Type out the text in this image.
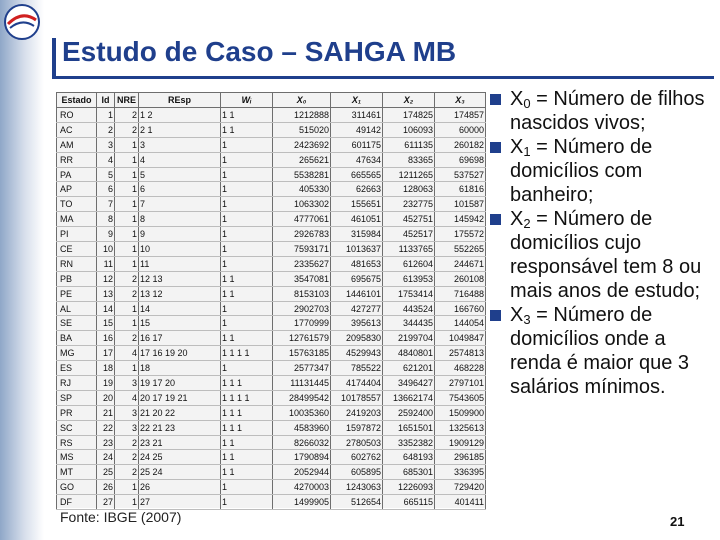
Estudo de Caso – SAHGA MB
Estado	Id	NRE	REsp	Wᵢ	X₀	X₁	X₂	X₃
RO	1	2	1 2	1 1	1212888	311461	174825	174857
AC	2	2	2 1	1 1	515020	49142	106093	60000
AM	3	1	3	1	2423692	601175	611135	260182
RR	4	1	4	1	265621	47634	83365	69698
PA	5	1	5	1	5538281	665565	1211265	537527
AP	6	1	6	1	405330	62663	128063	61816
TO	7	1	7	1	1063302	155651	232775	101587
MA	8	1	8	1	4777061	461051	452751	145942
PI	9	1	9	1	2926783	315984	452517	175572
CE	10	1	10	1	7593171	1013637	1133765	552265
RN	11	1	11	1	2335627	481653	612604	244671
PB	12	2	12 13	1 1	3547081	695675	613953	260108
PE	13	2	13 12	1 1	8153103	1446101	1753414	716488
AL	14	1	14	1	2902703	427277	443524	166760
SE	15	1	15	1	1770999	395613	344435	144054
BA	16	2	16 17	1 1	12761579	2095830	2199704	1049847
MG	17	4	17 16 19 20	1 1 1 1	15763185	4529943	4840801	2574813
ES	18	1	18	1	2577347	785522	621201	468228
RJ	19	3	19 17 20	1 1 1	11131445	4174404	3496427	2797101
SP	20	4	20 17 19 21	1 1 1 1	28499542	10178557	13662174	7543605
PR	21	3	21 20 22	1 1 1	10035360	2419203	2592400	1509900
SC	22	3	22 21 23	1 1 1	4583960	1597872	1651501	1325613
RS	23	2	23 21	1 1	8266032	2780503	3352382	1909129
MS	24	2	24 25	1 1	1790894	602762	648193	296185
MT	25	2	25 24	1 1	2052944	605895	685301	336395
GO	26	1	26	1	4270003	1243063	1226093	729420
DF	27	1	27	1	1499905	512654	665115	401411
Fonte: IBGE (2007)
$X_0$ = Número de filhos nascidos vivos;
$X_1$ = Número de domicílios com banheiro;
$X_2$ = Número de domicílios cujo responsável tem 8 ou mais anos de estudo;
$X_3$ = Número de domicílios onde a renda é maior que 3 salários mínimos.
21
